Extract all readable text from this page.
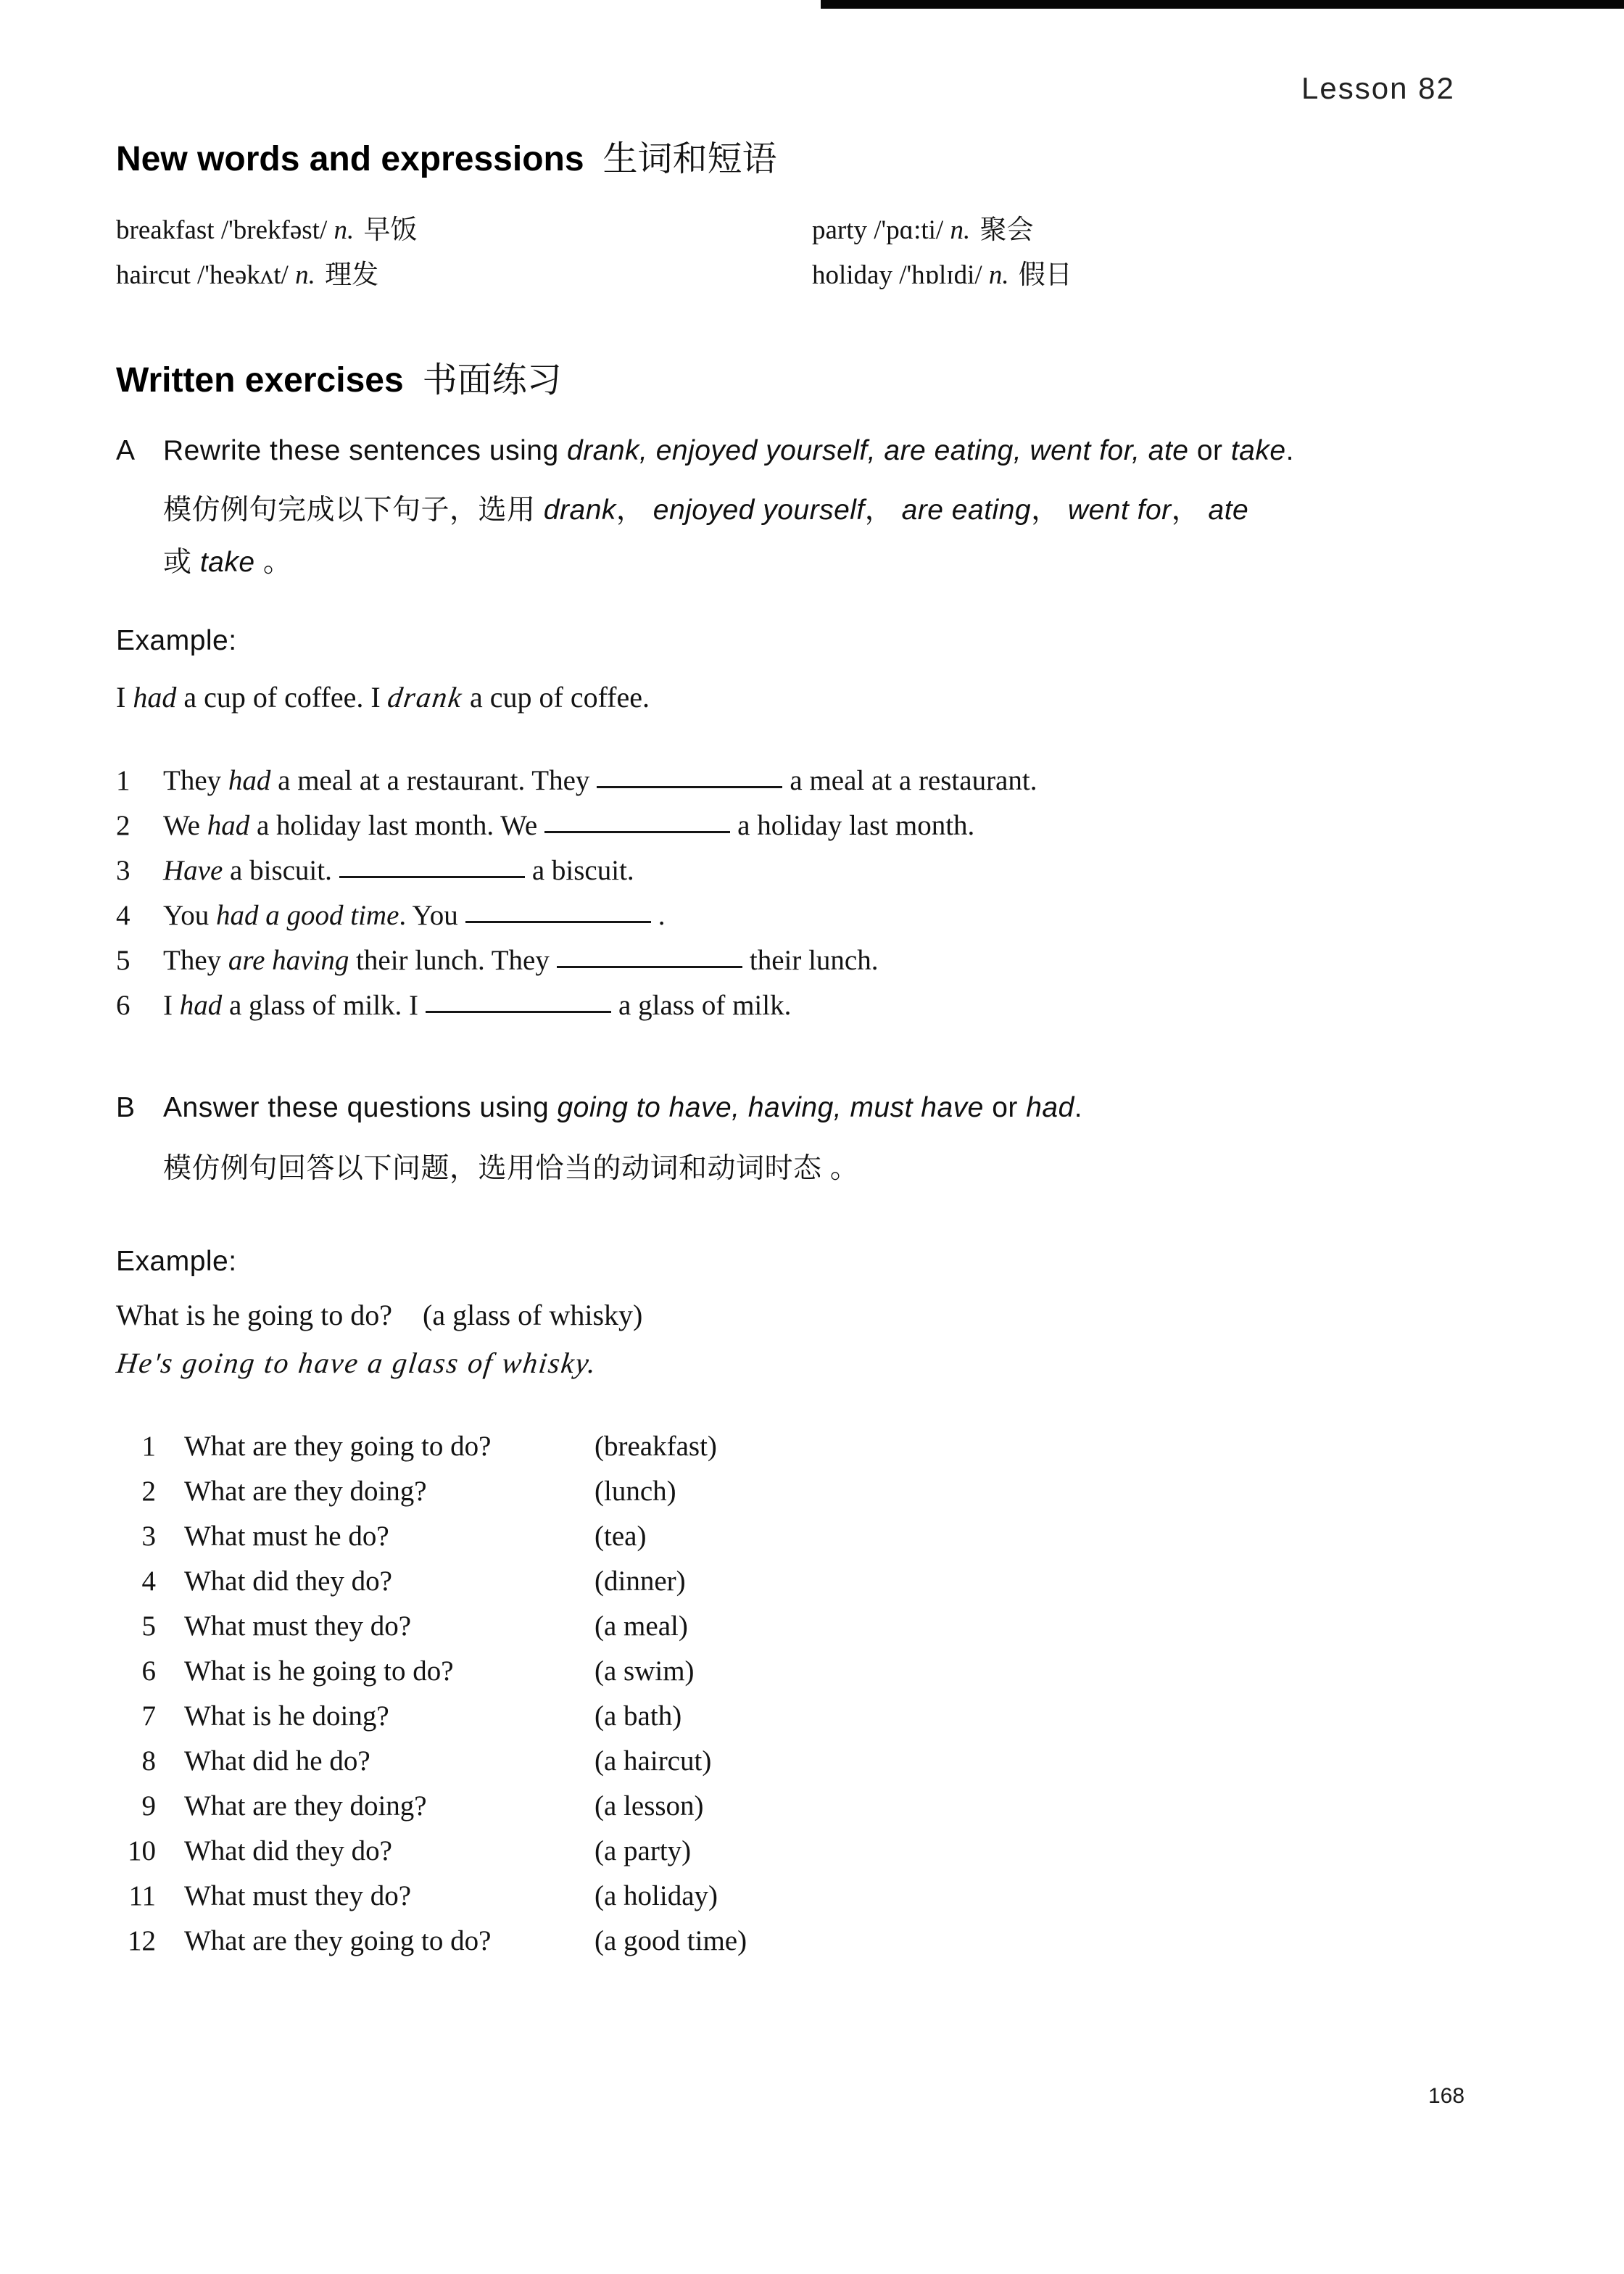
Lesson 82
New words and expressions 生词和短语
breakfast /'brekfəst/ n. 早饭
haircut /'heəkʌt/ n. 理发
party /'pɑ:ti/ n. 聚会
holiday /'hɒlɪdi/ n. 假日
Written exercises 书面练习
A Rewrite these sentences using drank, enjoyed yourself, are eating, went for, ate or take.
模仿例句完成以下句子，选用 drank， enjoyed yourself， are eating， went for， ate
或 take 。
Example:
I had a cup of coffee. I drank a cup of coffee.
1 They had a meal at a restaurant. They	a meal at a restaurant.
2 We had a holiday last month. We	a holiday last month.
3 Have a biscuit.	a biscuit.
4 You had a good time. You	.
5 They are having their lunch. They	their lunch.
6 I had a glass of milk. I	a glass of milk.
B Answer these questions using going to have, having, must have or had.
模仿例句回答以下问题，选用恰当的动词和动词时态 。
Example:
What is he going to do? (a glass of whisky)
He's going to have a glass of whisky.
1 What are they going to do?	(breakfast)
2 What are they doing?	(lunch)
3 What must he do?	(tea)
4 What did they do?	(dinner)
5 What must they do?	(a meal)
6 What is he going to do?	(a swim)
7 What is he doing?	(a bath)
8 What did he do?	(a haircut)
9 What are they doing?	(a lesson)
10 What did they do?	(a party)
11 What must they do?	(a holiday)
12 What are they going to do?	(a good time)
168
